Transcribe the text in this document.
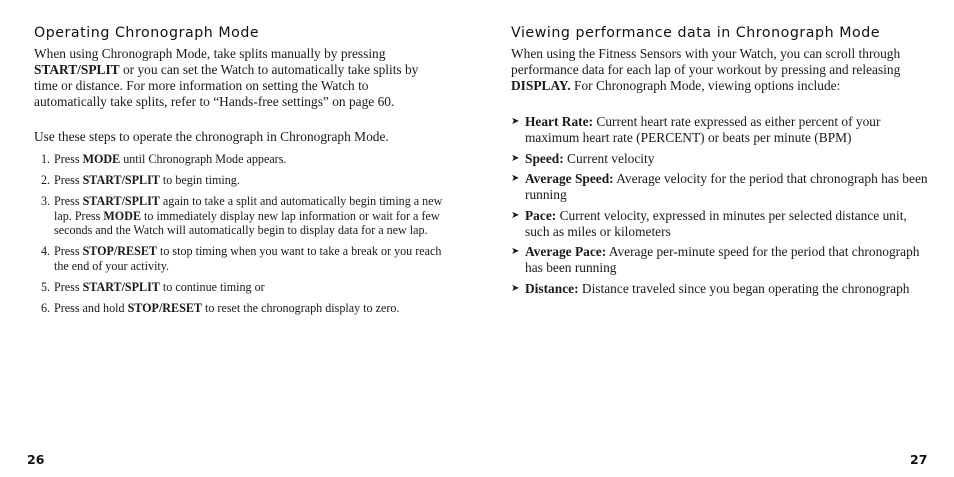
Operating Chronograph Mode

When using Chronograph Mode, take splits manually by pressing START/SPLIT or you can set the Watch to automatically take splits by time or distance. For more information on setting the Watch to automatically take splits, refer to “Hands-free settings” on page 60.

Use these steps to operate the chronograph in Chronograph Mode.

1. Press MODE until Chronograph Mode appears.
2. Press START/SPLIT to begin timing.
3. Press START/SPLIT again to take a split and automatically begin timing a new lap. Press MODE to immediately display new lap information or wait for a few seconds and the Watch will automatically begin to display data for a new lap.
4. Press STOP/RESET to stop timing when you want to take a break or you reach the end of your activity.
5. Press START/SPLIT to continue timing or
6. Press and hold STOP/RESET to reset the chronograph display to zero.
Viewing performance data in Chronograph Mode

When using the Fitness Sensors with your Watch, you can scroll through performance data for each lap of your workout by pressing and releasing DISPLAY. For Chronograph Mode, viewing options include:

➤ Heart Rate: Current heart rate expressed as either percent of your maximum heart rate (PERCENT) or beats per minute (BPM)
➤ Speed: Current velocity
➤ Average Speed: Average velocity for the period that chronograph has been running
➤ Pace: Current velocity, expressed in minutes per selected distance unit, such as miles or kilometers
➤ Average Pace: Average per-minute speed for the period that chronograph has been running
➤ Distance: Distance traveled since you began operating the chronograph
26	27
